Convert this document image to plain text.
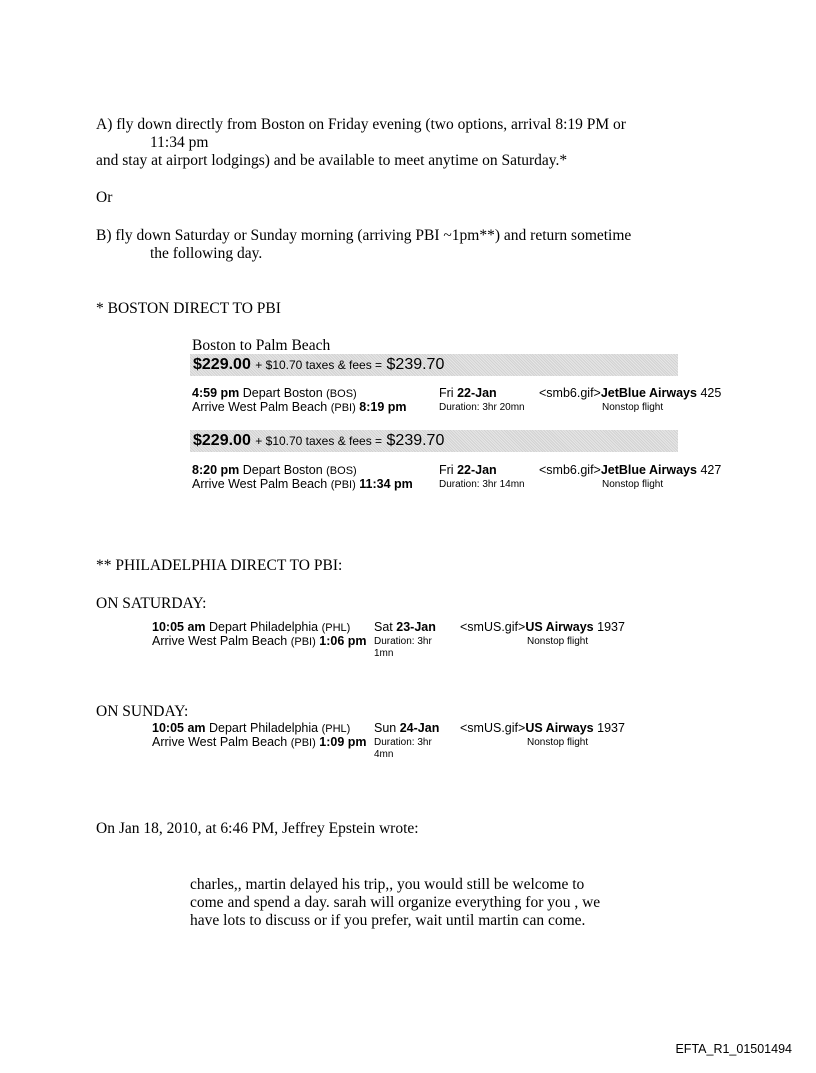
A) fly down directly from Boston on Friday evening (two options, arrival 8:19 PM or
11:34 pm
and stay at airport lodgings) and be available to meet anytime on Saturday.*
Or
B) fly down Saturday or Sunday morning (arriving PBI ~1pm**) and return sometime
the following day.
* BOSTON DIRECT TO PBI
Boston to Palm Beach
$229.00 + $10.70 taxes & fees = $239.70
4:59 pm Depart Boston (BOS)
Arrive West Palm Beach (PBI) 8:19 pm
Fri 22-Jan
Duration: 3hr 20mn
<smb6.gif>JetBlue Airways 425
Nonstop flight
$229.00 + $10.70 taxes & fees = $239.70
8:20 pm Depart Boston (BOS)
Arrive West Palm Beach (PBI) 11:34 pm
Fri 22-Jan
Duration: 3hr 14mn
<smb6.gif>JetBlue Airways 427
Nonstop flight
** PHILADELPHIA DIRECT TO PBI:
ON SATURDAY:
10:05 am Depart Philadelphia (PHL)
Arrive West Palm Beach (PBI) 1:06 pm
Sat 23-Jan
Duration: 3hr
1mn
<smUS.gif>US Airways 1937
Nonstop flight
ON SUNDAY:
10:05 am Depart Philadelphia (PHL)
Arrive West Palm Beach (PBI) 1:09 pm
Sun 24-Jan
Duration: 3hr
4mn
<smUS.gif>US Airways 1937
Nonstop flight
On Jan 18, 2010, at 6:46 PM, Jeffrey Epstein wrote:
charles,, martin delayed his trip,, you would still be welcome to
come and spend a day. sarah will organize everything for you , we
have lots to discuss or if you prefer, wait until martin can come.
EFTA_R1_01501494
